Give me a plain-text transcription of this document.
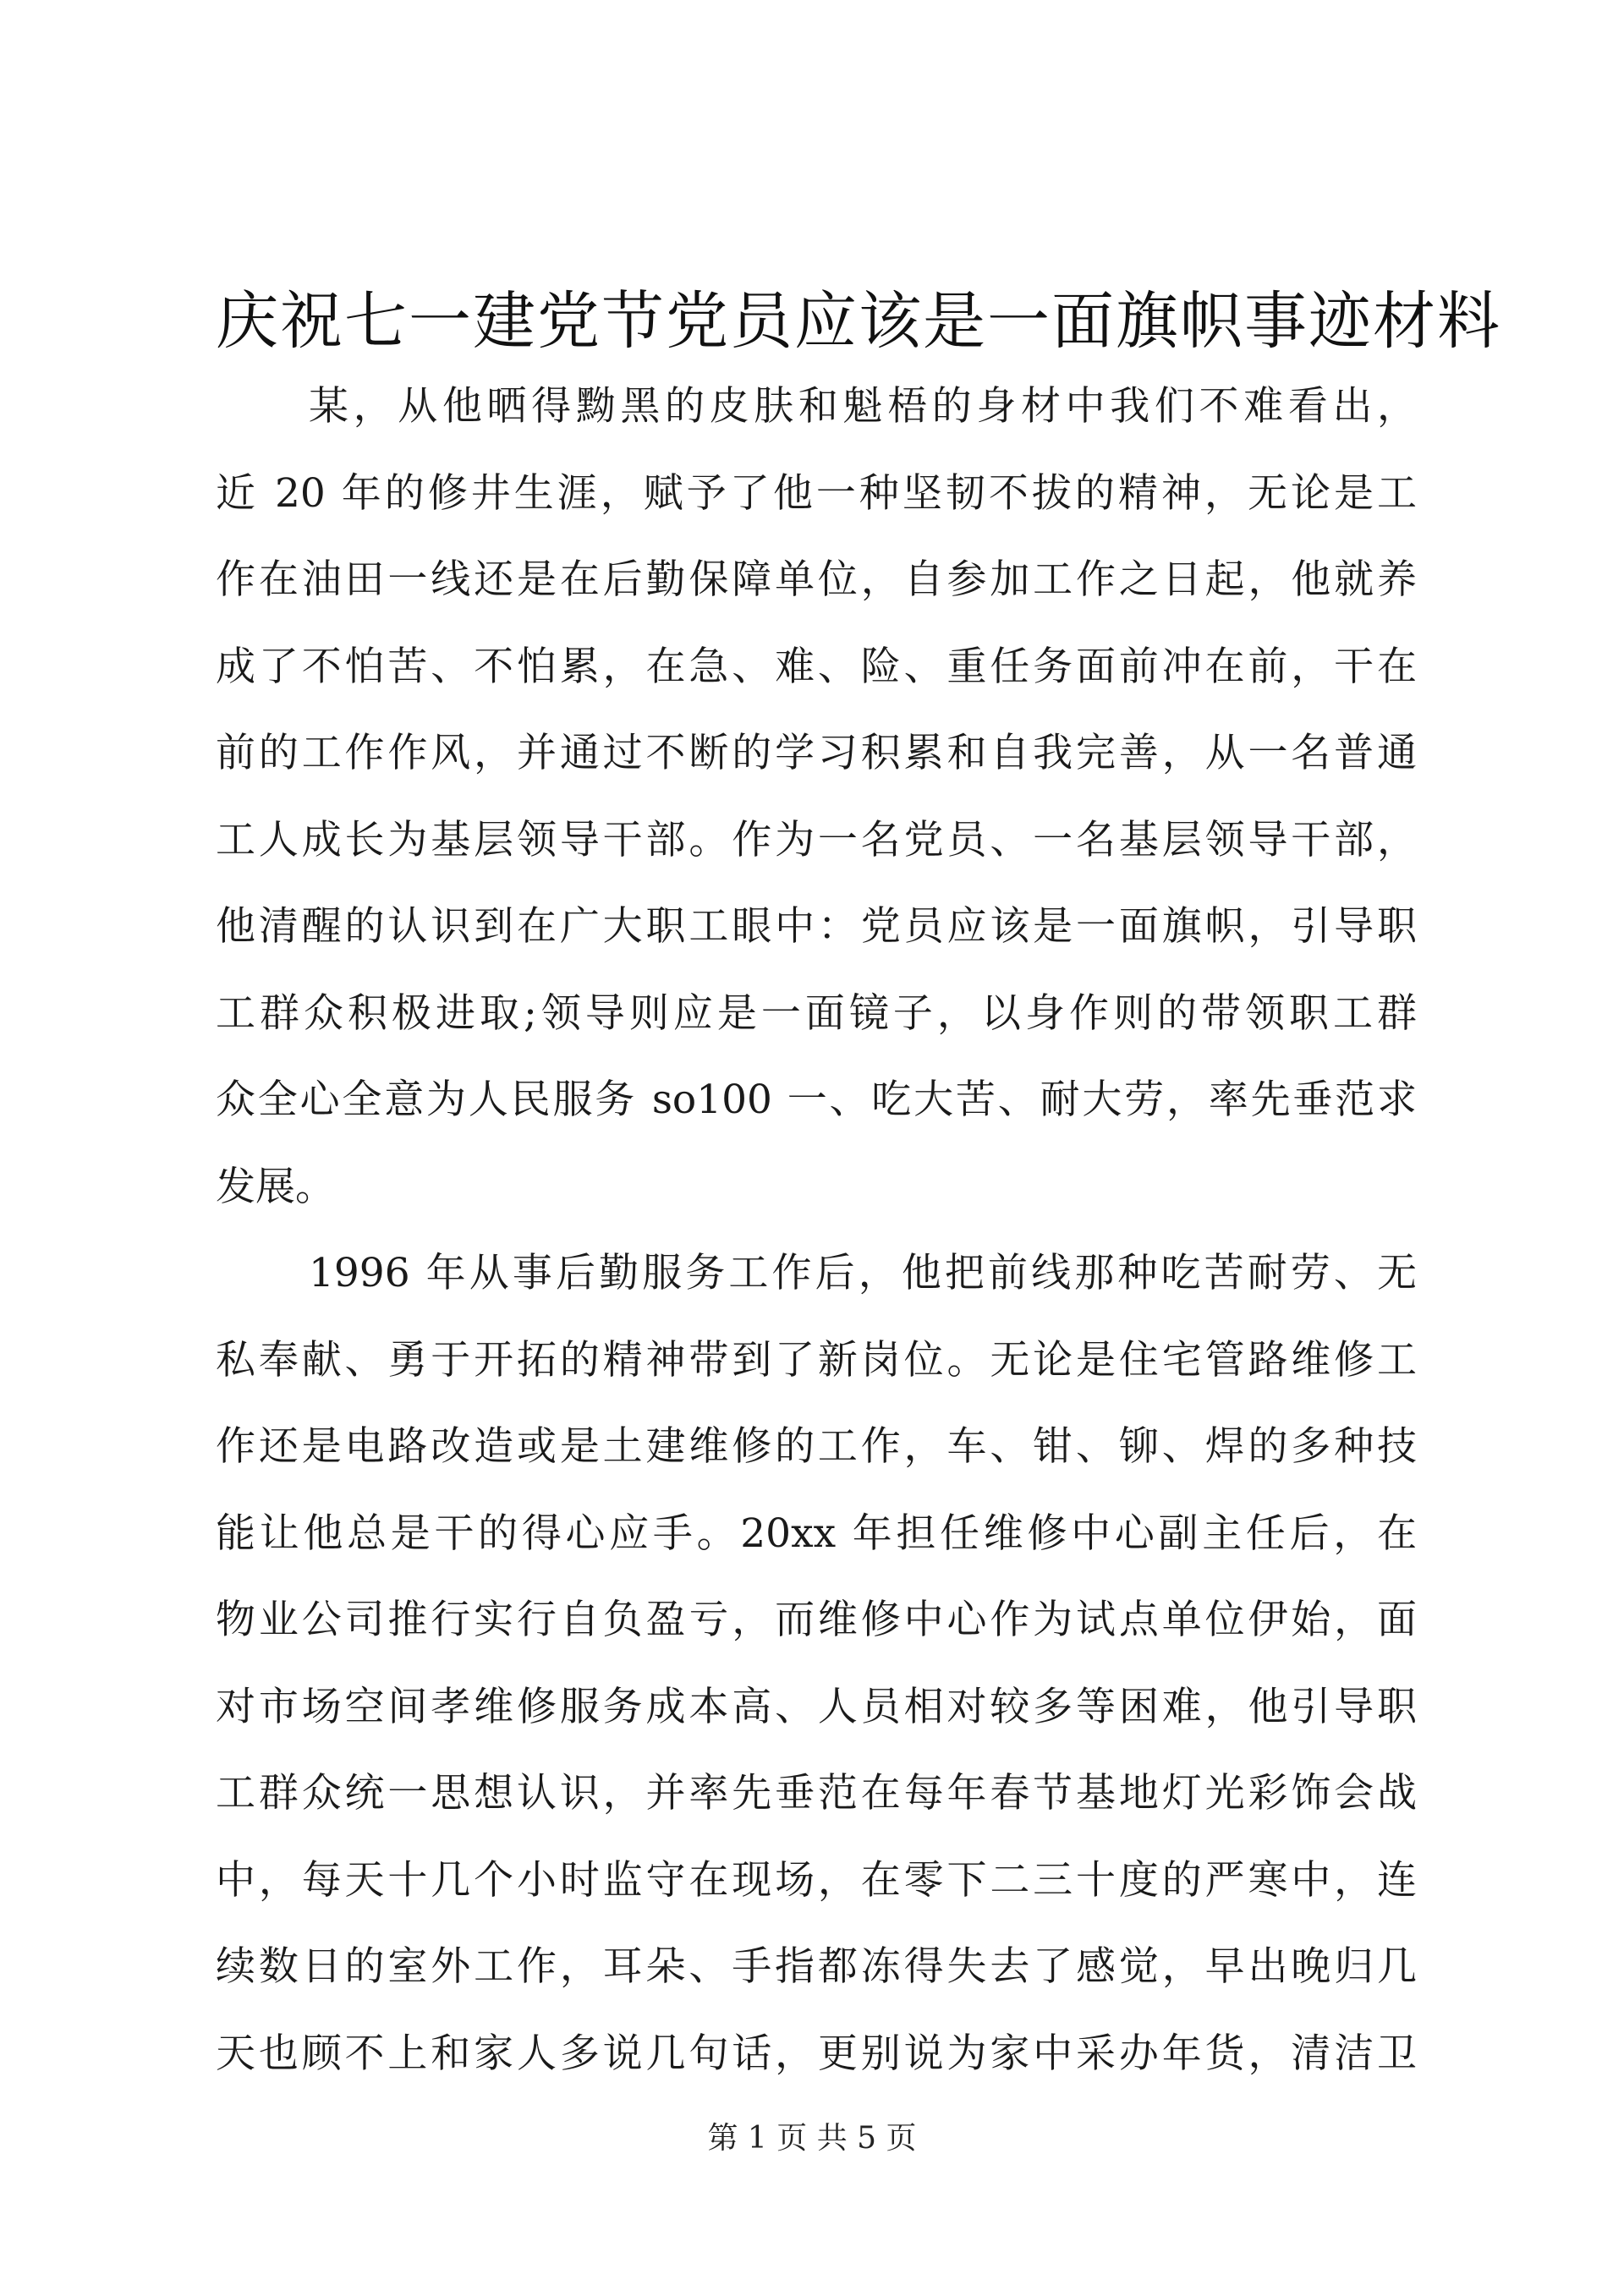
庆祝七一建党节党员应该是一面旗帜事迹材料
某，从他晒得黝黑的皮肤和魁梧的身材中我们不难看出，
近 20 年的修井生涯，赋予了他一种坚韧不拔的精神，无论是工
作在油田一线还是在后勤保障单位，自参加工作之日起，他就养
成了不怕苦、不怕累，在急、难、险、重任务面前冲在前，干在
前的工作作风，并通过不断的学习积累和自我完善，从一名普通
工人成长为基层领导干部。作为一名党员、一名基层领导干部，
他清醒的认识到在广大职工眼中：党员应该是一面旗帜，引导职
工群众积极进取;领导则应是一面镜子，以身作则的带领职工群
众全心全意为人民服务 so100 一、吃大苦、耐大劳，率先垂范求
发展。
1996 年从事后勤服务工作后，他把前线那种吃苦耐劳、无
私奉献、勇于开拓的精神带到了新岗位。无论是住宅管路维修工
作还是电路改造或是土建维修的工作，车、钳、铆、焊的多种技
能让他总是干的得心应手。20xx 年担任维修中心副主任后，在
物业公司推行实行自负盈亏，而维修中心作为试点单位伊始，面
对市场空间孝维修服务成本高、人员相对较多等困难，他引导职
工群众统一思想认识，并率先垂范在每年春节基地灯光彩饰会战
中，每天十几个小时监守在现场，在零下二三十度的严寒中，连
续数日的室外工作，耳朵、手指都冻得失去了感觉，早出晚归几
天也顾不上和家人多说几句话，更别说为家中采办年货，清洁卫
第 1 页 共 5 页
